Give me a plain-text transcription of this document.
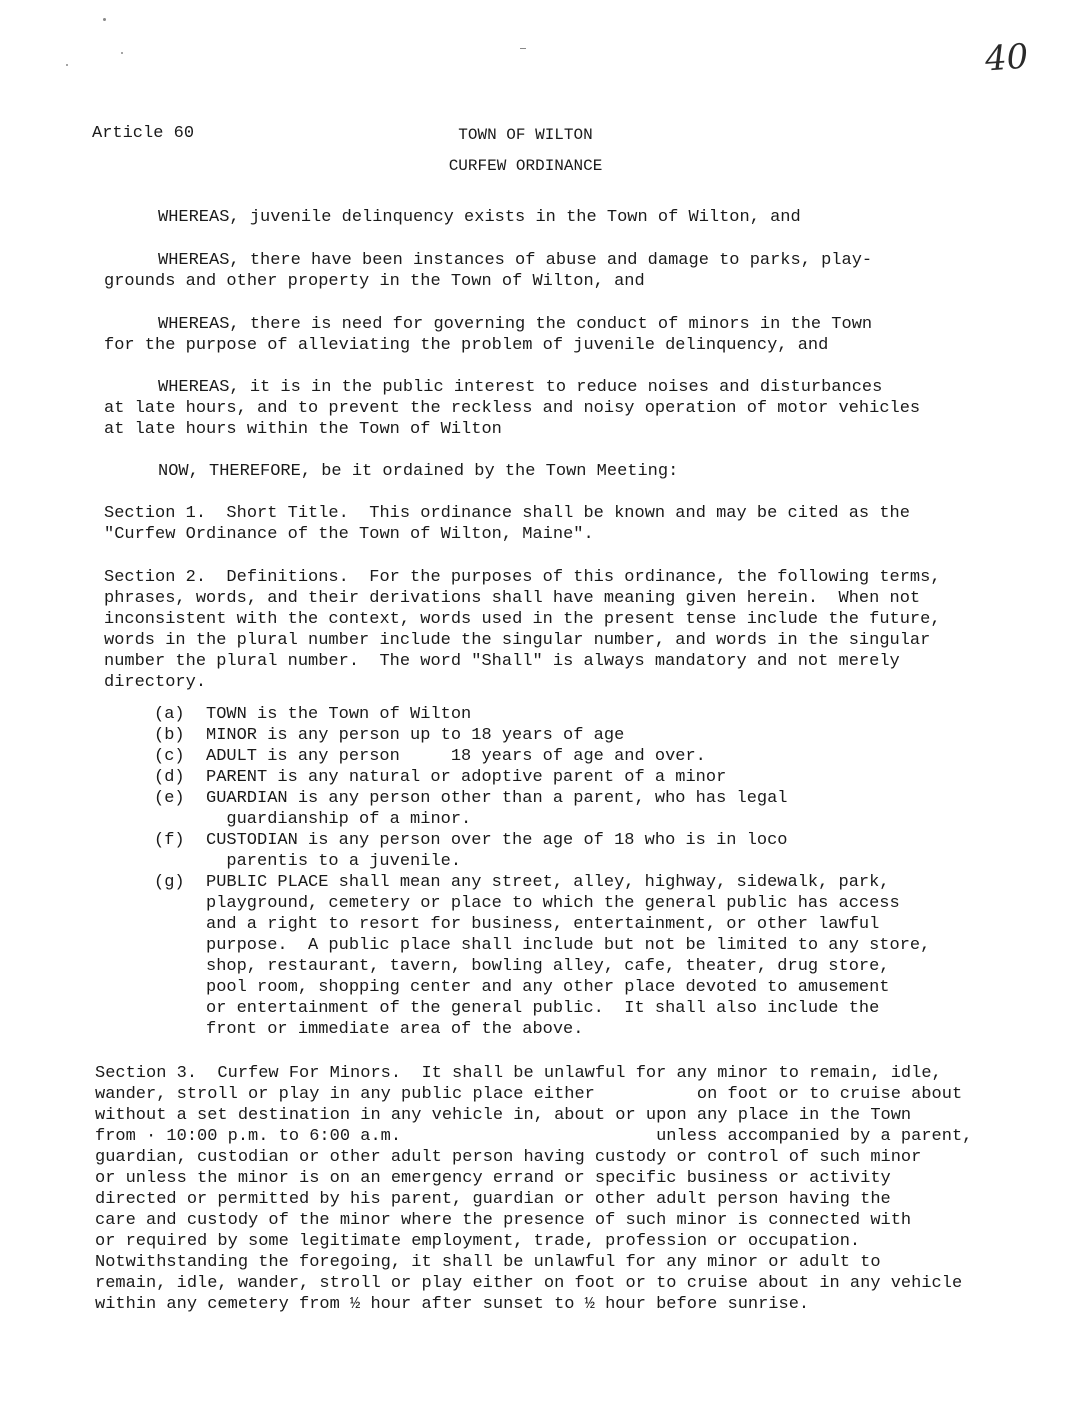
40
Article 60	TOWN OF WILTON
CURFEW ORDINANCE

WHEREAS, juvenile delinquency exists in the Town of Wilton, and

WHEREAS, there have been instances of abuse and damage to parks, play-
grounds and other property in the Town of Wilton, and

WHEREAS, there is need for governing the conduct of minors in the Town
for the purpose of alleviating the problem of juvenile delinquency, and

WHEREAS, it is in the public interest to reduce noises and disturbances
at late hours, and to prevent the reckless and noisy operation of motor vehicles
at late hours within the Town of Wilton

NOW, THEREFORE, be it ordained by the Town Meeting:

Section 1.  Short Title.  This ordinance shall be known and may be cited as the
"Curfew Ordinance of the Town of Wilton, Maine".

Section 2.  Definitions.  For the purposes of this ordinance, the following terms,
phrases, words, and their derivations shall have meaning given herein.  When not
inconsistent with the context, words used in the present tense include the future,
words in the plural number include the singular number, and words in the singular
number the plural number.  The word "Shall" is always mandatory and not merely
directory.

(a)	TOWN is the Town of Wilton
(b)	MINOR is any person up to 18 years of age
(c)	ADULT is any person     18 years of age and over.
(d)	PARENT is any natural or adoptive parent of a minor
(e)	GUARDIAN is any person other than a parent, who has legal
guardianship of a minor.
(f)	CUSTODIAN is any person over the age of 18 who is in loco
parentis to a juvenile.
(g)	PUBLIC PLACE shall mean any street, alley, highway, sidewalk, park,
playground, cemetery or place to which the general public has access
and a right to resort for business, entertainment, or other lawful
purpose.  A public place shall include but not be limited to any store,
shop, restaurant, tavern, bowling alley, cafe, theater, drug store,
pool room, shopping center and any other place devoted to amusement
or entertainment of the general public.  It shall also include the
front or immediate area of the above.

Section 3.  Curfew For Minors.  It shall be unlawful for any minor to remain, idle,
wander, stroll or play in any public place either          on foot or to cruise about
without a set destination in any vehicle in, about or upon any place in the Town
from · 10:00 p.m. to 6:00 a.m.                         unless accompanied by a parent,
guardian, custodian or other adult person having custody or control of such minor
or unless the minor is on an emergency errand or specific business or activity
directed or permitted by his parent, guardian or other adult person having the
care and custody of the minor where the presence of such minor is connected with
or required by some legitimate employment, trade, profession or occupation.
Notwithstanding the foregoing, it shall be unlawful for any minor or adult to
remain, idle, wander, stroll or play either on foot or to cruise about in any vehicle
within any cemetery from ½ hour after sunset to ½ hour before sunrise.
